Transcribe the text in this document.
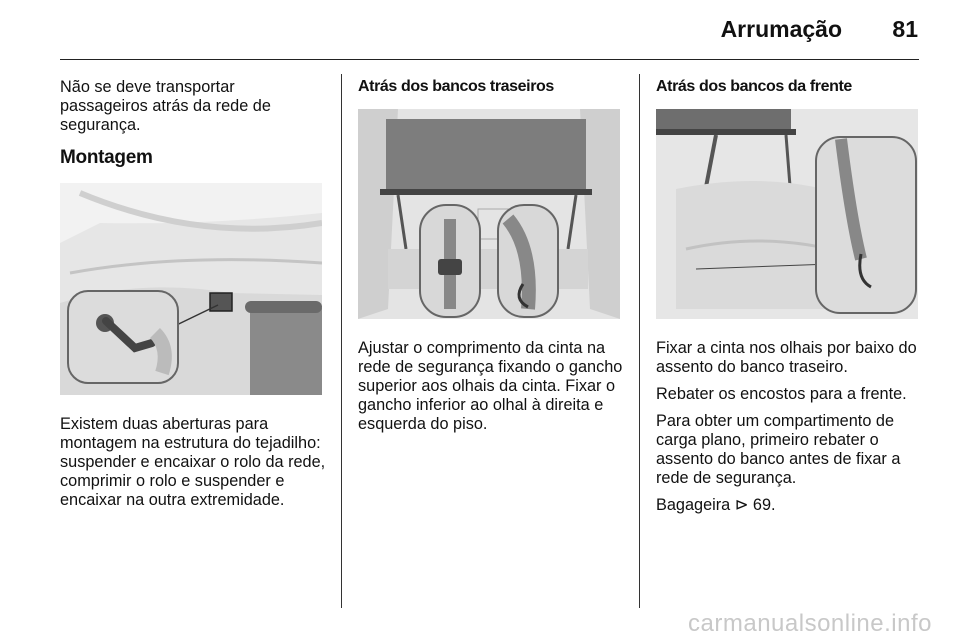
Arrumação 81

Não se deve transportar passageiros atrás da rede de segurança.

Montagem

Existem duas aberturas para montagem na estrutura do tejadilho: suspender e encaixar o rolo da rede, comprimir o rolo e suspender e encaixar na outra extremidade.

Atrás dos bancos traseiros

Ajustar o comprimento da cinta na rede de segurança fixando o gancho superior aos olhais da cinta. Fixar o gancho inferior ao olhal à direita e esquerda do piso.

Atrás dos bancos da frente

Fixar a cinta nos olhais por baixo do assento do banco traseiro.

Rebater os encostos para a frente.

Para obter um compartimento de carga plano, primeiro rebater o assento do banco antes de fixar a rede de segurança.

Bagageira ⊳ 69.

carmanualsonline.info
